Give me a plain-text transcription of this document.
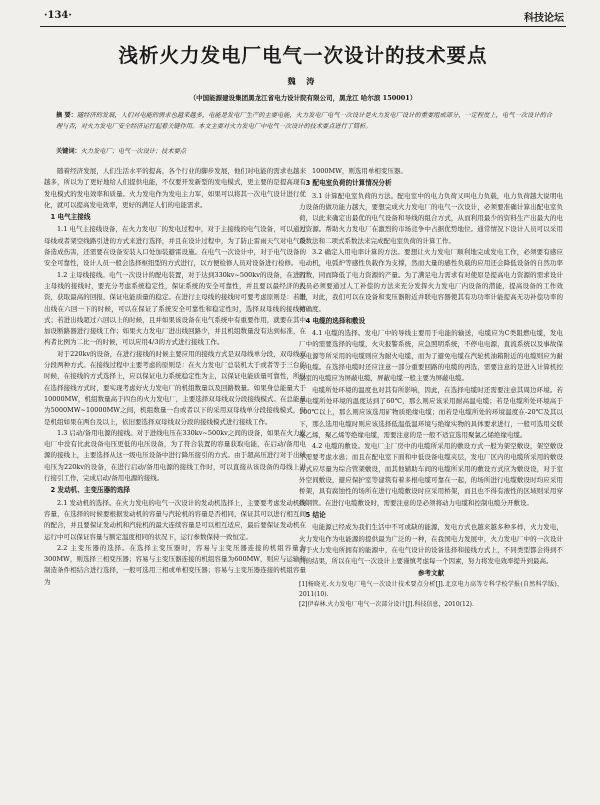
·134·	科技论坛
浅析火力发电厂电气一次设计的技术要点
魏 涛
（中国能源建设集团黑龙江省电力设计院有限公司，黑龙江 哈尔滨 150001）
摘 要：随经济的发展，人们对电能的需求也越来越多，电能是发电厂生产的主要电能，火力发电厂电气一次设计是火力发电厂设计的重要组成部分，一定程度上，电气一次设计的合理与否，对火力发电厂安全经济运行起着关键作用。本文主要对火力发电厂中电气一次设计的技术要点进行了简析。
关键词：火力发电厂；电气一次设计；技术要点

随着经济发展，人们生活水平的提高，各个行业的脚步发展，他们对电能的需求也越来越多，所以为了更好地给人们提供电能，不仅要开发新型的发电模式，更主要的是提高现有发电模式的发电效率和质量。火力发电作为发电主力军，如果可以将其一次电气设计进行优化，就可以提高发电效率，更好的满足人们的电能需求。

1 电气主接线

1.1 电气主接线设备，在火力发电厂的发电过程中，对于主接线的电气设备，可以通过母线或者架空线路引进的方式来进行选择，并且在设计过程中，为了防止雷雨天气对电气设备造成伤害，还需要在设备安装入口处加装避雷设施。在电气一次设计中，对于电气设备的安全可靠性，设计人员一般会选择枢纽型的方式进行，以方便检修人员对设备进行检修。

1.2 主母线接线。电气一次设计的配电装置，对于达到330kv~500kv的设备，在进行主母线的接线时，要充分考虑系统稳定性，保证系统的安全可靠性，并且要以最经济的投资，获取最高的回报，保证电能质量的稳定。在进行主母线的接线时可要考虑原则是：若进出线在六回一下的时候，可以在保证了系统安全可靠性和稳定性时，选择双母线的接线方式；若进出线超过六回以上的时候，且并如果该设备在电气系统中有重要作用，就要在其中加设断路器进行接线工作；如果火力发电厂进出线回路少，并且机组数量没有达到标准，在构者比例为二比一的时候，可以应用4/3的方式进行接线工作。

对于220kv的设备，在进行接线的时候主要应用的接线方式是双母线单分段，双母线双分段两种方式。在接线过程中主要考虑的原则是：在火力发电厂总装机大于或者等于三台的时候，在接线的方式选择上，应以保证电力系统稳定性为主，以保证电能质量可靠性，所以在选择接线方式时，要实现考虑好火力发电厂的机组数量以及回路数量。如果身总能量大于10000MW，机组数量高于四台的火力发电厂，主要选择双母线双分段接线模式。在总能量为5000MW~10000MW之间，机组数量一台或者以下的采用双母线单分段接线模式，但是机组如果在两台及以上，依旧要选择双母线双分段的接线模式进行接线工作。

1.3 启动/备用电源的接线。对于进线电压在330kv~500kv之间的设备，如果在火力发电厂中没有比此设备电压更低的电压设备，为了符合装置的容量获取电能，在启动/备用电源的接线上，主要选择从这一级电压设备中进行降压接引的方式。由于超高压进行对于出线电压为220kv的设备，在进行启动/备用电源的接线工作时，可以直接从该设备的母线上进行接引工作，完成启动/备用电源的接线。

2 发动机、主变压器的选择

2.1 发动机的选择。在火力发电的电气一次设计的发动机选择上，主要要考虑发动机的容量，在选择的时候要根据发动机的容量与汽轮机的容量是否相同，保证其可以进行相互间的配合，并且要保证发动机和汽轮机的最大连续容量是可以相互适应，最后要保证发动机在运行中可以保证容量与额定温度相同的状况下，运行参数保持一致恒定。

2.2 主变压器的选择。在选择主变压器时，容易与主变压器连接的机组容量为300MW，则选择三相变压器；容易与主变压器连接的机组容量为600MW，则应与运输和制造条件相结合进行选择，一般可选用三相或单相变压器；容易与主变压器连接的机组容量为

1000MW，则选用单相变压器。

3 配电室负荷的计算情况分析

3.1 计算配电室负荷的方法。配电室中的电力负荷又叫电力负载，电力负荷越大说明电力设备的做功能力越大，要想完成火力发电厂的电气一次设计，必须要准确计算出配电室负荷，以此来确定出最优的电气设备和导线的组合方式，从而利用最少的资料生产出最大的电力资源。帮助火力发电厂在激烈的市场竞争中占据优势地位。通常情况下设计人员可以采用系数法和二项式系数法来完成配电室负荷的计算工作。

3.2 确定人用电率计算的方法。要想让火力发电厂顺利地完成发电工作，必须要有感应电动机，电弧炉等感性负载作为支撑，然而大量的感性负载的应用还会降低设备的自然功率因数，同而降低了电力资源的产量。为了满足电力需求有对使原是提高电力资源的需求设计人员必须要通过人工补偿的方法来充分发挥火力发电厂内设备的潜能，提高设备的工作效率，对此，我们可以在设备和变压器附近并联电容器使其有功功率计能提高无功补偿功率的精确度。

4 电缆的选择和敷设

4.1 电缆的选择。发电厂中的导线主要用于电能的输送，电缆应为C类阻燃电缆，发电厂中的需要选择的电缆，火灾报警系统，应急照明系统，不停电电源，直流系统以及事故保安电源等所采用的电缆则应为耐火电缆，而为了避免电缆在汽轮机油箱附近的电缆则应为耐火电缆。在选择电缆时还应注意一部分重要回路的电缆的再选，需要注意的是进入计算机控制室的电缆应为屏蔽电缆，屏蔽电缆一般主要为屏蔽电缆。

电缆所处环境的温度也对其有所影响，因此，在选择电缆时还需要注意其周边环境。若是电缆所处环境的温度达到了60℃，那么则应该采用耐高温电缆；若是电缆所处环境高于100℃以上，那么则应该选用矿物质绝缘电缆；而若是电缆所处的环境温度在-20℃及其以下，那么选用电缆时则应该选择低温低温环境与绝缘实物的具体要求进行，一般可选用交联聚乙烯，聚乙烯等绝缘电缆，需要注意的是一般不适宜选用聚氯乙烯绝缘电缆。

4.2 电缆的敷设。发电厂主厂房中的电缆所采用的敷设方式一般为架空敷设，架空敷设不需要考虑水患；而且在配电室下面和中低设备电缆夹层，发电厂区内的电缆所采用的敷设方式应尽量为综合管架敷设，而其他辅助车间的电缆所采用的敷设方式应为敷设设，对于室外空间敷设，避应保护室等建筑有着多根电缆可靠在一起，的场所进行电缆敷设时均应采用桥架，具有腐蚀性的场所在进行电缆敷设时应采用桥架，而且也不得有液性的区域则采用穿线钢管。在进行电缆敷设时，需要注意的是必须将动力电缆和控制电缆分开敷设。

5 结论

电能源已经成为我们生活中不可或缺的能源，发电方式也越来越多种多样，火力发电，火力发电作为电能源的提供最为广泛的一种，在我国电力发展中，火力发电厂中的一次设计对于火力发电所拥有的能源中，在电气设计的设备选择和接线方式上，不同类型都会得到不同的结果，所以在电气一次设计上要谨慎考虑每一个因素，努力将发电效率提升到最高。

参考文献

[1]杨晓光.火力发电厂电气一次设计技术要点分析[J].北京电力高等专科学校学报(自然科学版)，2011(10).

[2]伊春林.火力发电厂电气一次部分设计[J].科技信息，2010(12).
